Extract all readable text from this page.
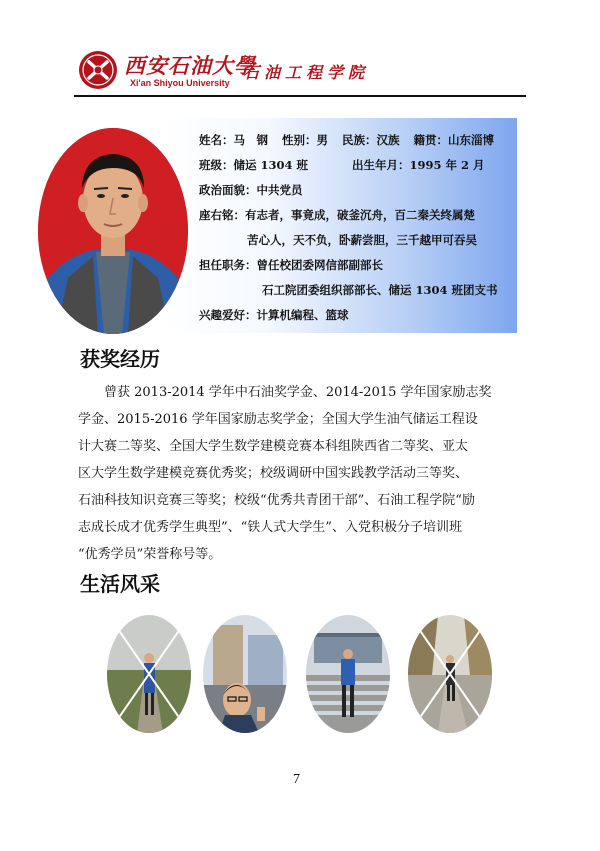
西安石油大學
Xi'an Shiyou University
石油工程学院
姓名：马　钢 性别：男 民族：汉族 籍贯：山东淄博
班级：储运 1304 班	出生年月：1995 年 2 月
政治面貌：中共党员
座右铭：有志者，事竟成，破釜沉舟，百二秦关终属楚
苦心人，天不负，卧薪尝胆，三千越甲可吞吴
担任职务：曾任校团委网信部副部长
石工院团委组织部部长、储运 1304 班团支书
兴趣爱好：计算机编程、篮球
获奖经历
曾获 2013-2014 学年中石油奖学金、2014-2015 学年国家励志奖
学金、2015-2016 学年国家励志奖学金；全国大学生油气储运工程设
计大赛二等奖、全国大学生数学建模竞赛本科组陕西省二等奖、亚太
区大学生数学建模竞赛优秀奖；校级调研中国实践教学活动三等奖、
石油科技知识竞赛三等奖；校级“优秀共青团干部”、石油工程学院“励
志成长成才优秀学生典型”、“铁人式大学生”、入党积极分子培训班
“优秀学员”荣誉称号等。
生活风采
7
